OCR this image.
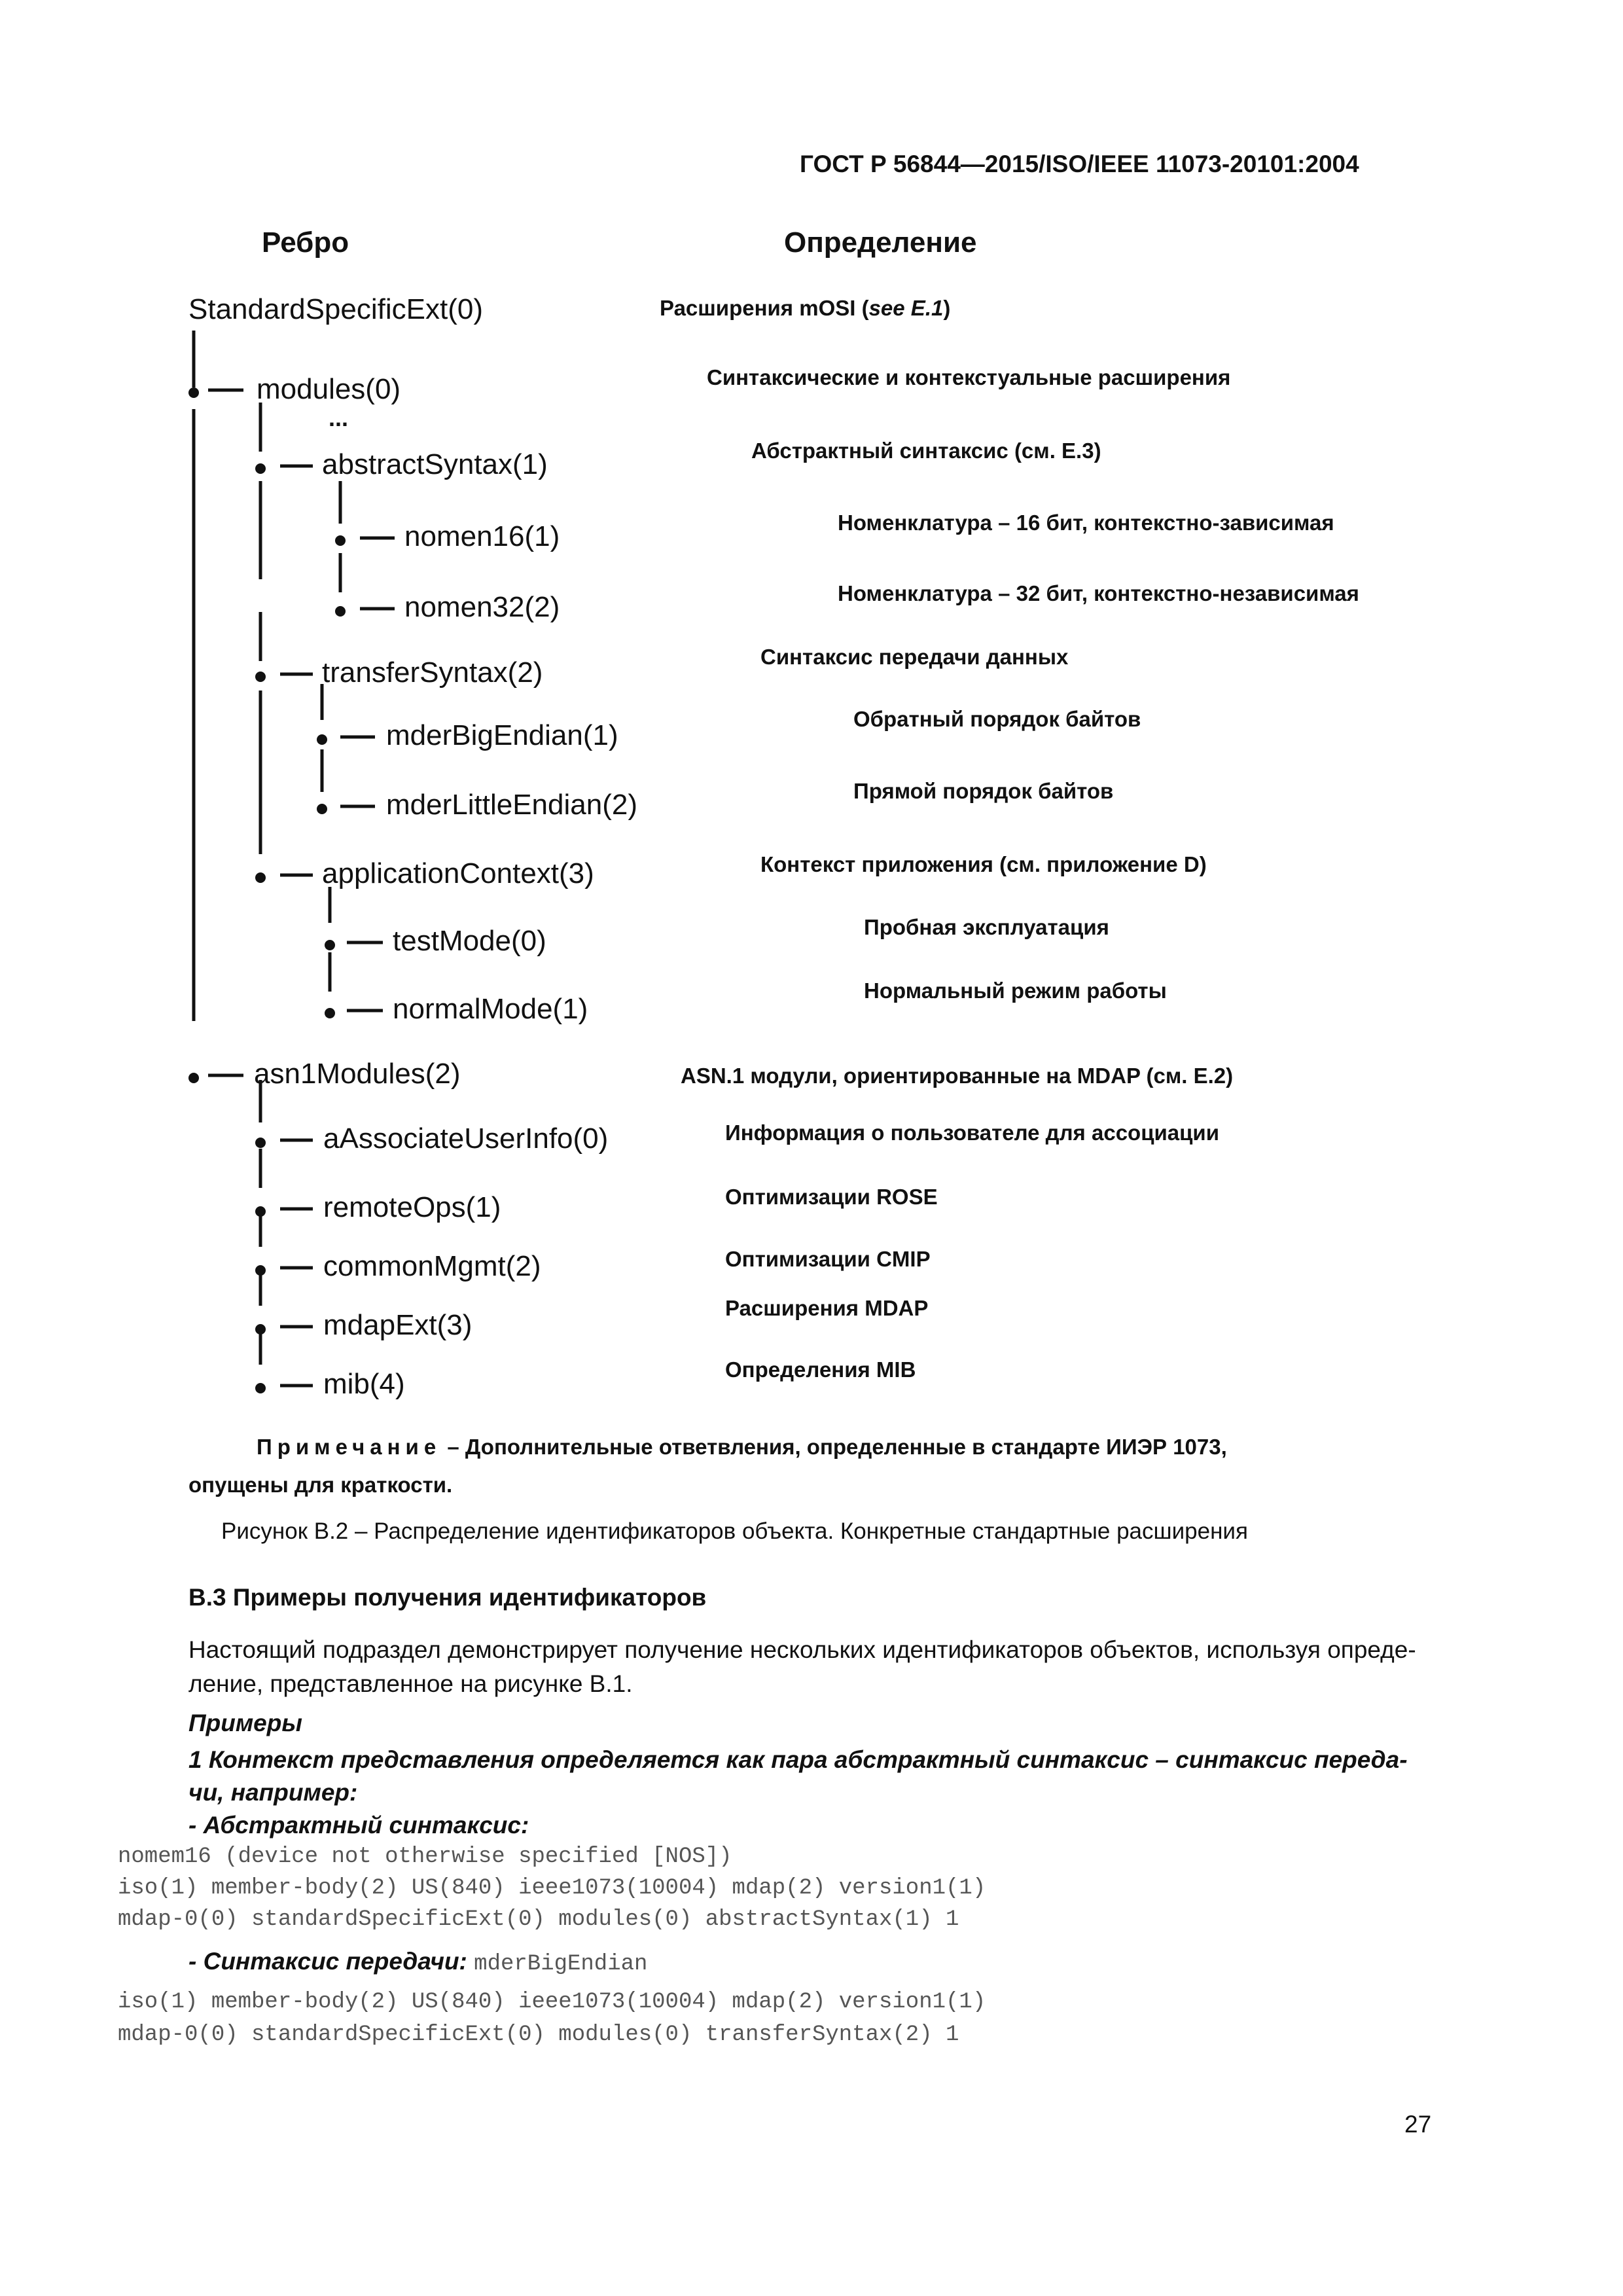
ГОСТ Р 56844—2015/ISO/IEEE 11073-20101:2004
Ребро	Определение
StandardSpecificExt(0)
modules(0)
...
abstractSyntax(1)
nomen16(1)
nomen32(2)
transferSyntax(2)
mderBigEndian(1)
mderLittleEndian(2)
applicationContext(3)
testMode(0)
normalMode(1)
asn1Modules(2)
aAssociateUserInfo(0)
remoteOps(1)
commonMgmt(2)
mdapExt(3)
mib(4)
Расширения mOSI (see E.1)
Синтаксические и контекстуальные расширения
Абстрактный синтаксис (см. Е.3)
Номенклатура – 16 бит, контекстно-зависимая
Номенклатура – 32 бит, контекстно-независимая
Синтаксис передачи данных
Обратный порядок байтов
Прямой порядок байтов
Контекст приложения (см. приложение D)
Пробная эксплуатация
Нормальный режим работы
ASN.1 модули, ориентированные на MDAP (см. Е.2)
Информация о пользователе для ассоциации
Оптимизации ROSE
Оптимизации CMIP
Расширения MDAP
Определения MIB
Примечание – Дополнительные ответвления, определенные в стандарте ИИЭР 1073,
опущены для краткости.
Рисунок В.2 – Распределение идентификаторов объекта. Конкретные стандартные расширения
В.3 Примеры получения идентификаторов
Настоящий подраздел демонстрирует получение нескольких идентификаторов объектов, используя опреде-
ление, представленное на рисунке В.1.
Примеры
1 Контекст представления определяется как пара абстрактный синтаксис – синтаксис переда-
чи, например:
- Абстрактный синтаксис:
nomem16 (device not otherwise specified [NOS])
iso(1) member-body(2) US(840) ieee1073(10004) mdap(2) version1(1)
mdap-0(0) standardSpecificExt(0) modules(0) abstractSyntax(1) 1
- Синтаксис передачи: mderBigEndian
iso(1) member-body(2) US(840) ieee1073(10004) mdap(2) version1(1)
mdap-0(0) standardSpecificExt(0) modules(0) transferSyntax(2) 1
27
